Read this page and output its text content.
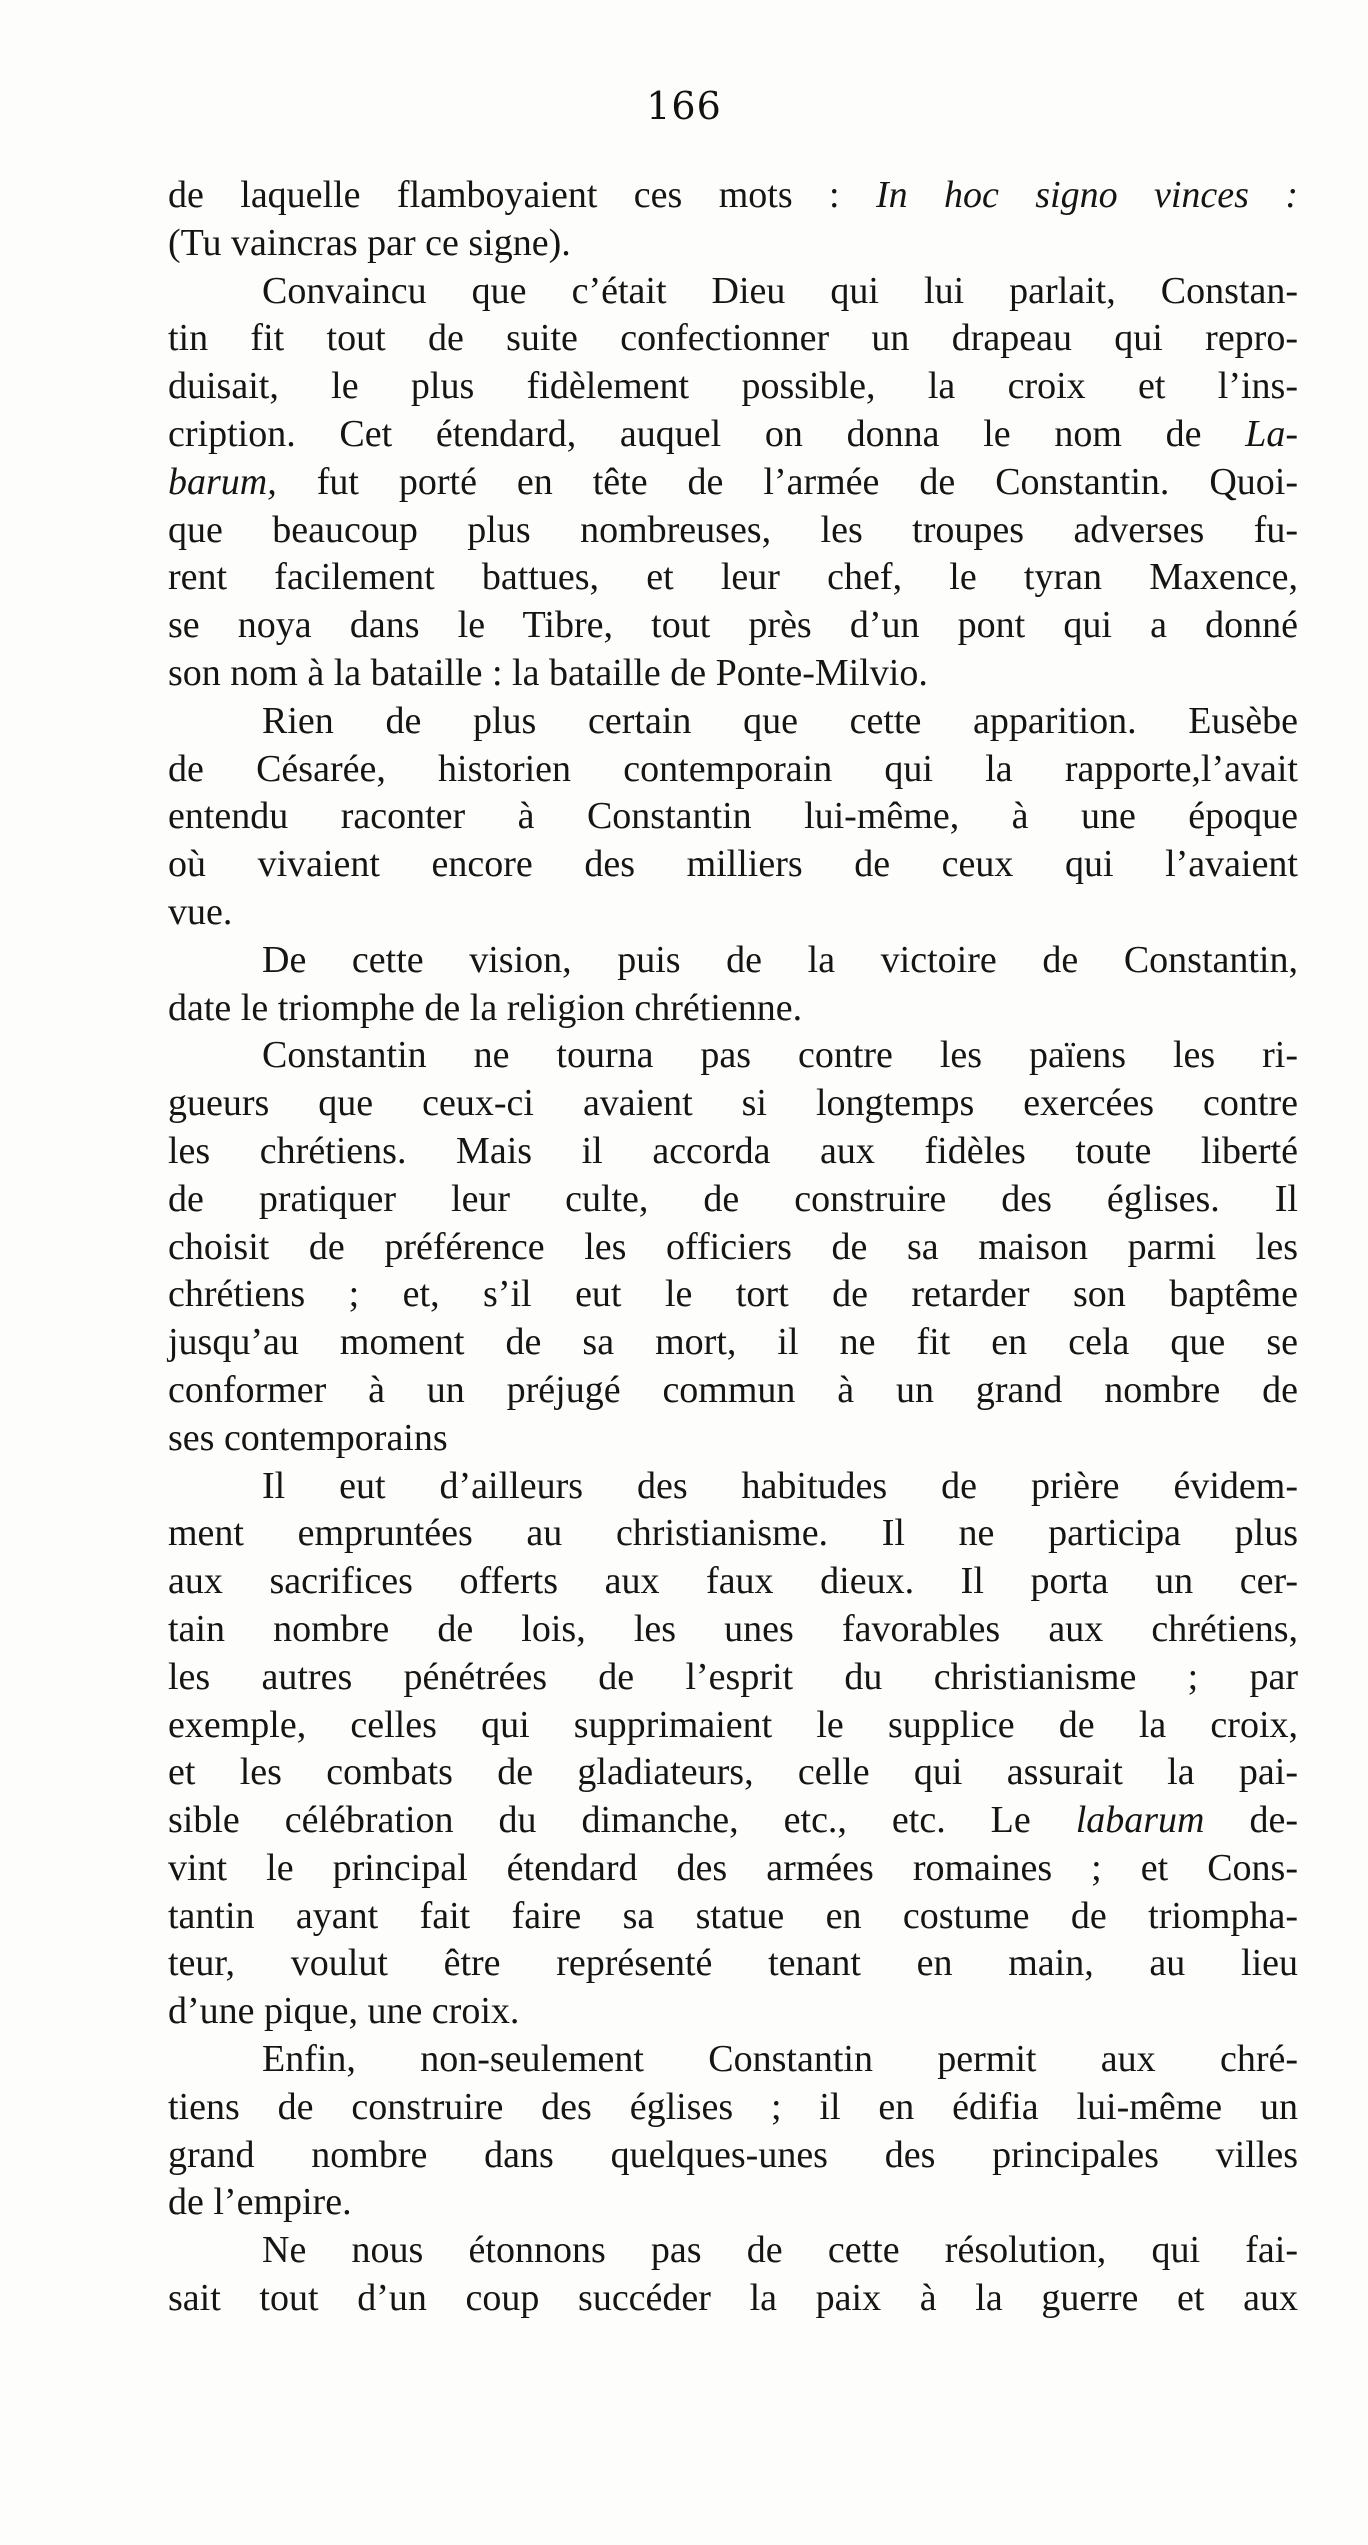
166
de laquelle flamboyaient ces mots : In hoc signo vinces :
(Tu vaincras par ce signe).
Convaincu que c’était Dieu qui lui parlait, Constan-
tin fit tout de suite confectionner un drapeau qui repro-
duisait, le plus fidèlement possible, la croix et l’ins-
cription. Cet étendard, auquel on donna le nom de La-
barum, fut porté en tête de l’armée de Constantin. Quoi-
que beaucoup plus nombreuses, les troupes adverses fu-
rent facilement battues, et leur chef, le tyran Maxence,
se noya dans le Tibre, tout près d’un pont qui a donné
son nom à la bataille : la bataille de Ponte-Milvio.
Rien de plus certain que cette apparition. Eusèbe
de Césarée, historien contemporain qui la rapporte,l’avait
entendu raconter à Constantin lui-même, à une époque
où vivaient encore des milliers de ceux qui l’avaient
vue.
De cette vision, puis de la victoire de Constantin,
date le triomphe de la religion chrétienne.
Constantin ne tourna pas contre les païens les ri-
gueurs que ceux-ci avaient si longtemps exercées contre
les chrétiens. Mais il accorda aux fidèles toute liberté
de pratiquer leur culte, de construire des églises. Il
choisit de préférence les officiers de sa maison parmi les
chrétiens ; et, s’il eut le tort de retarder son baptême
jusqu’au moment de sa mort, il ne fit en cela que se
conformer à un préjugé commun à un grand nombre de
ses contemporains
Il eut d’ailleurs des habitudes de prière évidem-
ment empruntées au christianisme. Il ne participa plus
aux sacrifices offerts aux faux dieux. Il porta un cer-
tain nombre de lois, les unes favorables aux chrétiens,
les autres pénétrées de l’esprit du christianisme ; par
exemple, celles qui supprimaient le supplice de la croix,
et les combats de gladiateurs, celle qui assurait la pai-
sible célébration du dimanche, etc., etc. Le labarum de-
vint le principal étendard des armées romaines ; et Cons-
tantin ayant fait faire sa statue en costume de triompha-
teur, voulut être représenté tenant en main, au lieu
d’une pique, une croix.
Enfin, non-seulement Constantin permit aux chré-
tiens de construire des églises ; il en édifia lui-même un
grand nombre dans quelques-unes des principales villes
de l’empire.
Ne nous étonnons pas de cette résolution, qui fai-
sait tout d’un coup succéder la paix à la guerre et aux
